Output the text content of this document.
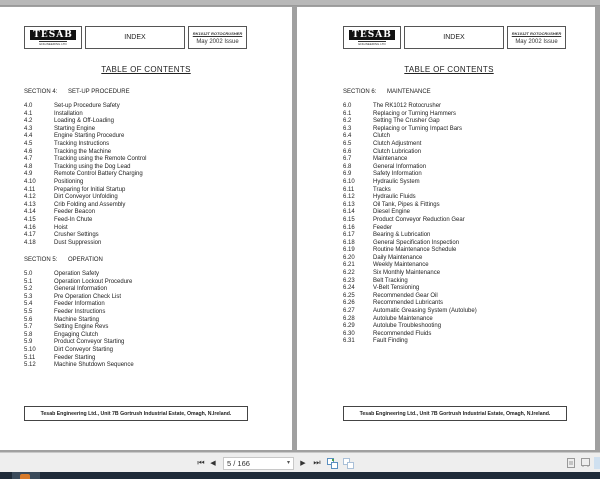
TESAB
ENGINEERING LTD
INDEX
RK1012T ROTOCRUSHER
May 2002 Issue
TABLE OF CONTENTS
SECTION 4:	SET-UP PROCEDURE
4.0	Set-up Procedure Safety
4.1	Installation
4.2	Loading & Off-Loading
4.3	Starting Engine
4.4	Engine Starting Procedure
4.5	Tracking Instructions
4.6	Tracking the Machine
4.7	Tracking using the Remote Control
4.8	Tracking using the Dog Lead
4.9	Remote Control Battery Charging
4.10	Positioning
4.11	Preparing for Initial Startup
4.12	Dirt Conveyor Unfolding
4.13	Crib Folding and Assembly
4.14	Feeder Beacon
4.15	Feed-In Chute
4.16	Hoist
4.17	Crusher Settings
4.18	Dust Suppression
SECTION 5:	OPERATION
5.0	Operation Safety
5.1	Operation Lockout Procedure
5.2	General Information
5.3	Pre Operation Check List
5.4	Feeder Information
5.5	Feeder Instructions
5.6	Machine Starting
5.7	Setting Engine Revs
5.8	Engaging Clutch
5.9	Product Conveyor Starting
5.10	Dirt Conveyor Starting
5.11	Feeder Starting
5.12	Machine Shutdown Sequence
Tesab Engineering Ltd., Unit 7B Gortrush Industrial Estate, Omagh, N.Ireland.
TESAB
ENGINEERING LTD
INDEX
RK1012T ROTOCRUSHER
May 2002 Issue
TABLE OF CONTENTS
SECTION 6:	MAINTENANCE
6.0	The RK1012 Rotocrusher
6.1	Replacing or Turning Hammers
6.2	Setting The Crusher Gap
6.3	Replacing or Turning Impact Bars
6.4	Clutch
6.5	Clutch Adjustment
6.6	Clutch Lubrication
6.7	Maintenance
6.8	General Information
6.9	Safety Information
6.10	Hydraulic System
6.11	Tracks
6.12	Hydraulic Fluids
6.13	Oil Tank, Pipes & Fittings
6.14	Diesel Engine
6.15	Product Conveyor Reduction Gear
6.16	Feeder
6.17	Bearing & Lubrication
6.18	General Specification Inspection
6.19	Routine Maintenance Schedule
6.20	Daily Maintenance
6.21	Weekly Maintenance
6.22	Six Monthly Maintenance
6.23	Belt Tracking
6.24	V-Belt Tensioning
6.25	Recommended Gear Oil
6.26	Recommended Lubricants
6.27	Automatic Greasing System (Autolube)
6.28	Autolube Maintenance
6.29	Autolube Troubleshooting
6.30	Recommended Fluids
6.31	Fault Finding
Tesab Engineering Ltd., Unit 7B Gortrush Industrial Estate, Omagh, N.Ireland.
⏮ ◀	5 / 166	▾ ▶ ⏭
